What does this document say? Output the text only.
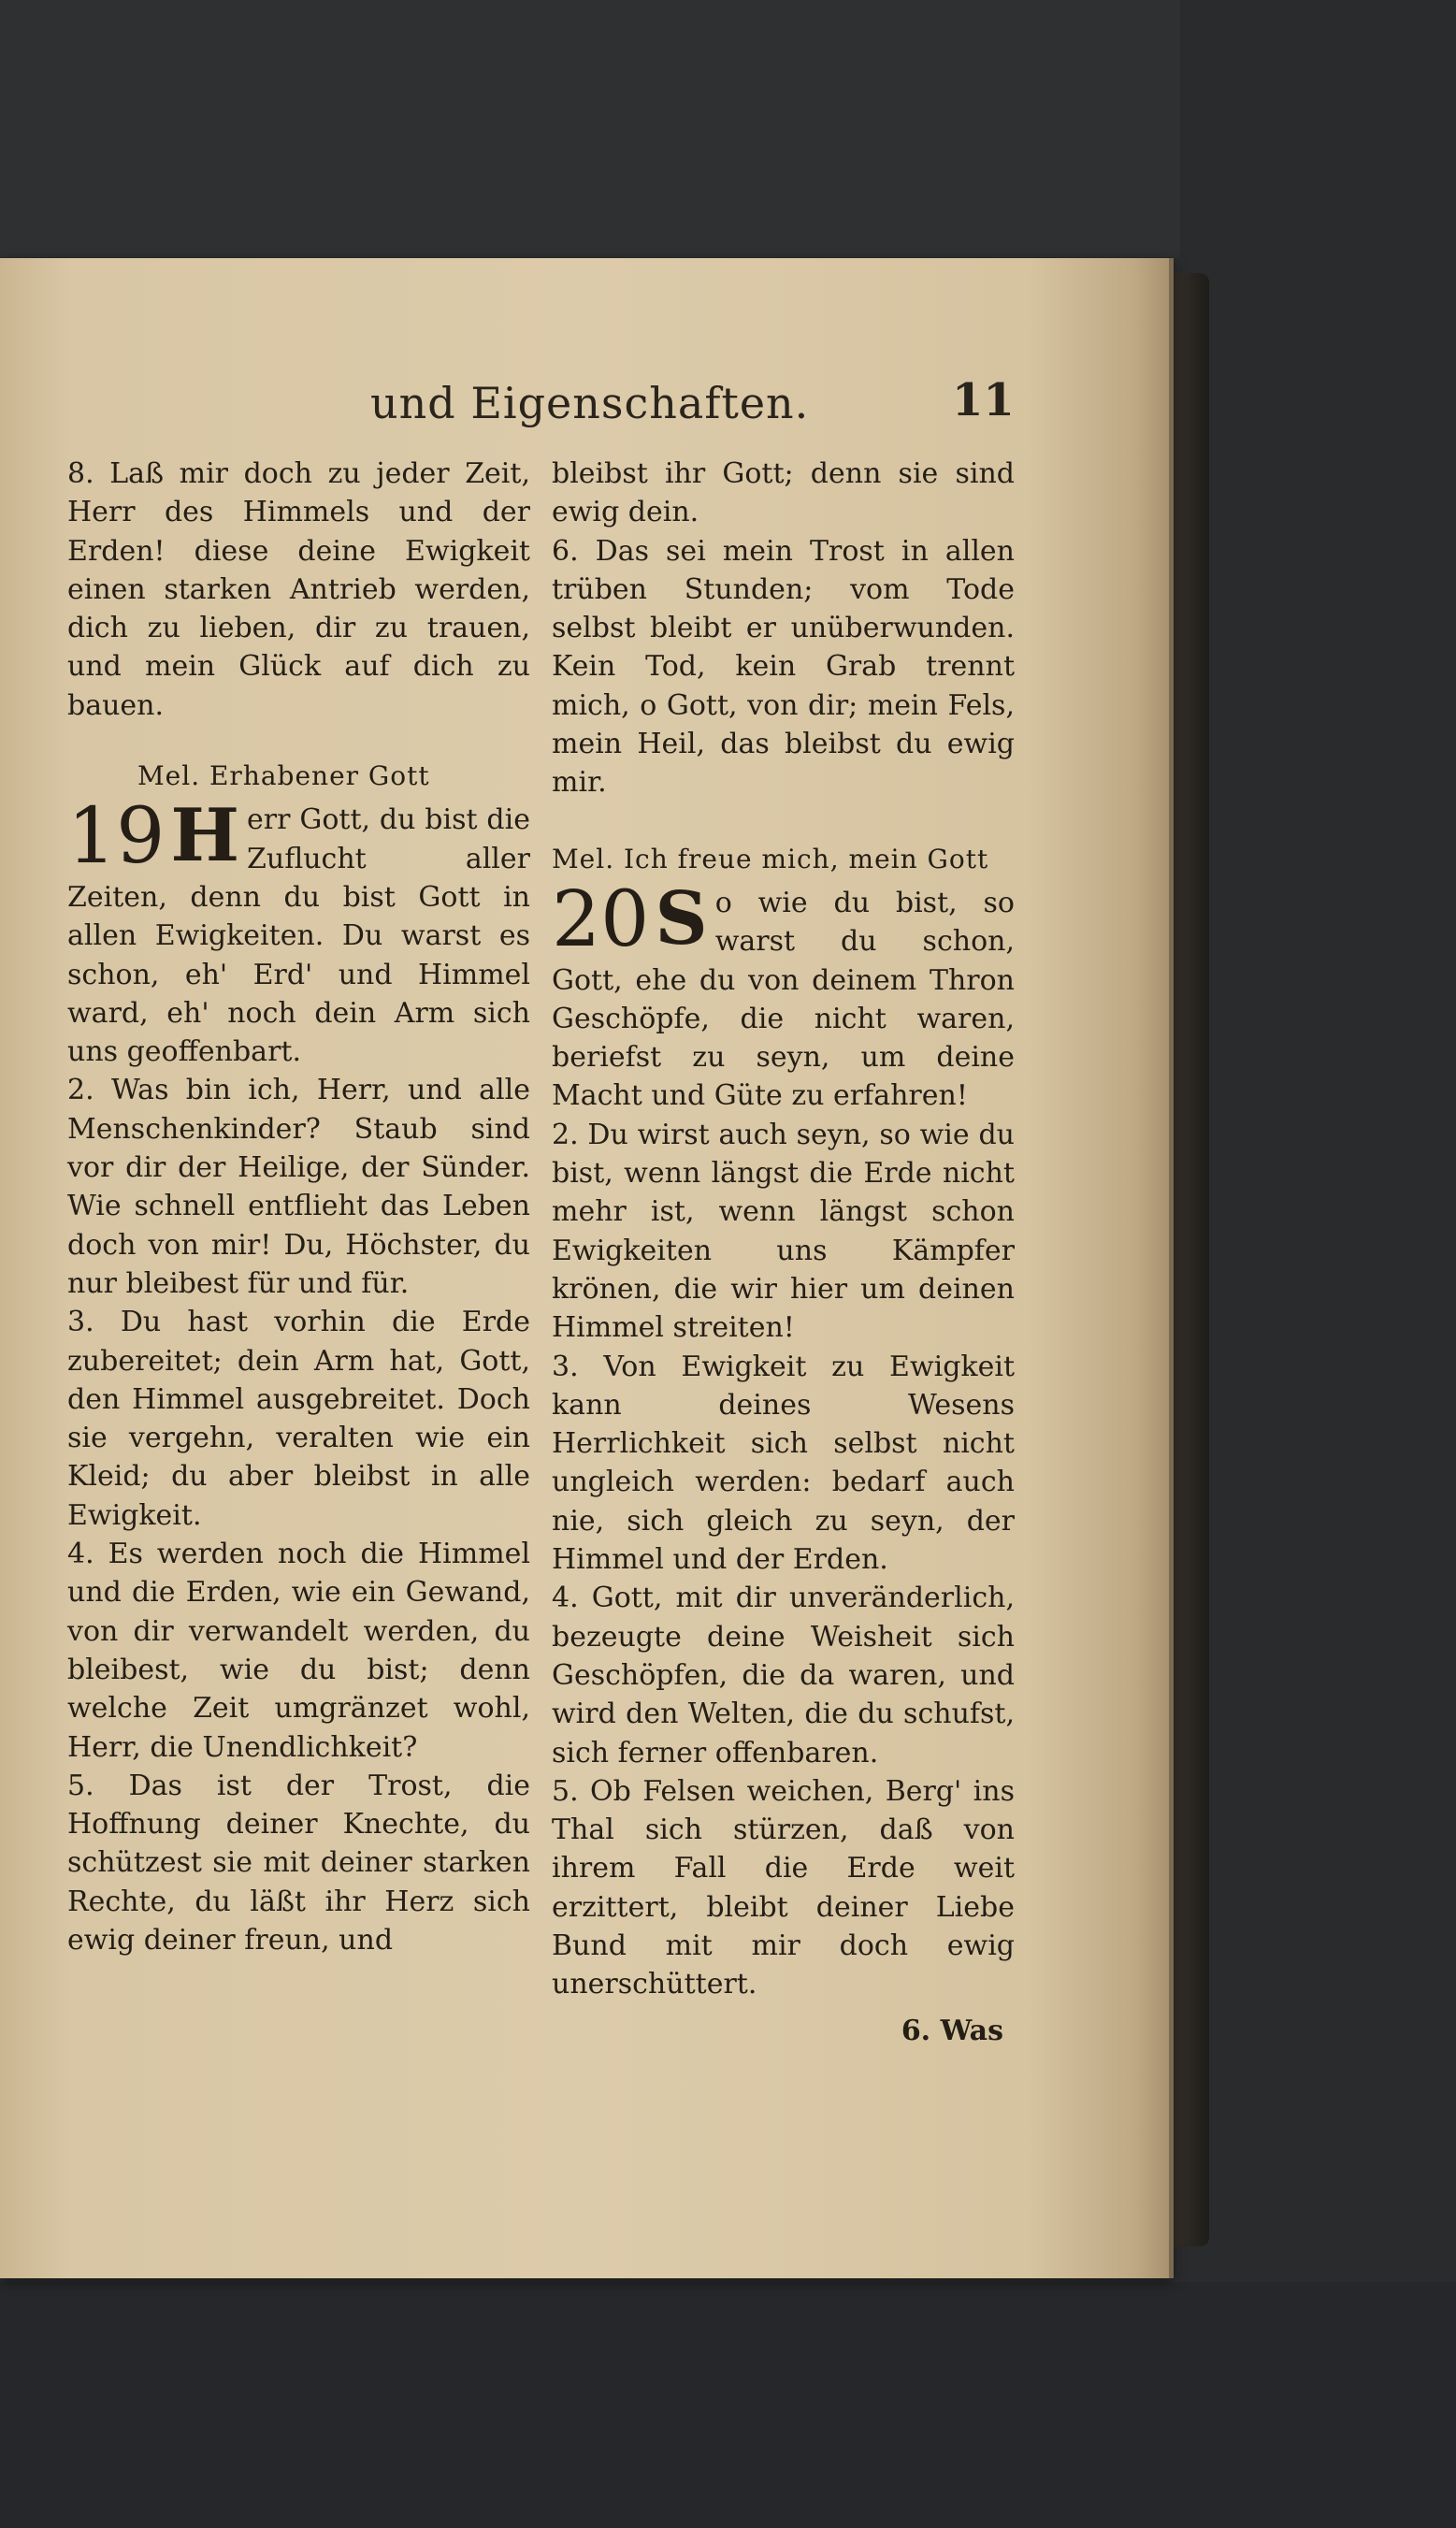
und Eigenschaften.	11

8. Laß mir doch zu jeder Zeit, Herr des Himmels und der Erden! diese deine Ewigkeit einen starken Antrieb werden, dich zu lieben, dir zu trauen, und mein Glück auf dich zu bauen.

Mel. Erhabener Gott

19 H err Gott, du bist die Zuflucht aller Zeiten, denn du bist Gott in allen Ewigkeiten. Du warst es schon, eh' Erd' und Himmel ward, eh' noch dein Arm sich uns geoffenbart.

2. Was bin ich, Herr, und alle Menschenkinder? Staub sind vor dir der Heilige, der Sünder. Wie schnell entflieht das Leben doch von mir! Du, Höchster, du nur bleibest für und für.

3. Du hast vorhin die Erde zubereitet; dein Arm hat, Gott, den Himmel ausgebreitet. Doch sie vergehn, veralten wie ein Kleid; du aber bleibst in alle Ewigkeit.

4. Es werden noch die Himmel und die Erden, wie ein Gewand, von dir verwandelt werden, du bleibest, wie du bist; denn welche Zeit umgränzet wohl, Herr, die Unendlichkeit?

5. Das ist der Trost, die Hoffnung deiner Knechte, du schützest sie mit deiner starken Rechte, du läßt ihr Herz sich ewig deiner freun, und

bleibst ihr Gott; denn sie sind ewig dein.

6. Das sei mein Trost in allen trüben Stunden; vom Tode selbst bleibt er unüberwunden. Kein Tod, kein Grab trennt mich, o Gott, von dir; mein Fels, mein Heil, das bleibst du ewig mir.

Mel. Ich freue mich, mein Gott

20 S o wie du bist, so warst du schon, Gott, ehe du von deinem Thron Geschöpfe, die nicht waren, beriefst zu seyn, um deine Macht und Güte zu erfahren!

2. Du wirst auch seyn, so wie du bist, wenn längst die Erde nicht mehr ist, wenn längst schon Ewigkeiten uns Kämpfer krönen, die wir hier um deinen Himmel streiten!

3. Von Ewigkeit zu Ewigkeit kann deines Wesens Herrlichkeit sich selbst nicht ungleich werden: bedarf auch nie, sich gleich zu seyn, der Himmel und der Erden.

4. Gott, mit dir unveränderlich, bezeugte deine Weisheit sich Geschöpfen, die da waren, und wird den Welten, die du schufst, sich ferner offenbaren.

5. Ob Felsen weichen, Berg' ins Thal sich stürzen, daß von ihrem Fall die Erde weit erzittert, bleibt deiner Liebe Bund mit mir doch ewig unerschüttert.

6. Was
